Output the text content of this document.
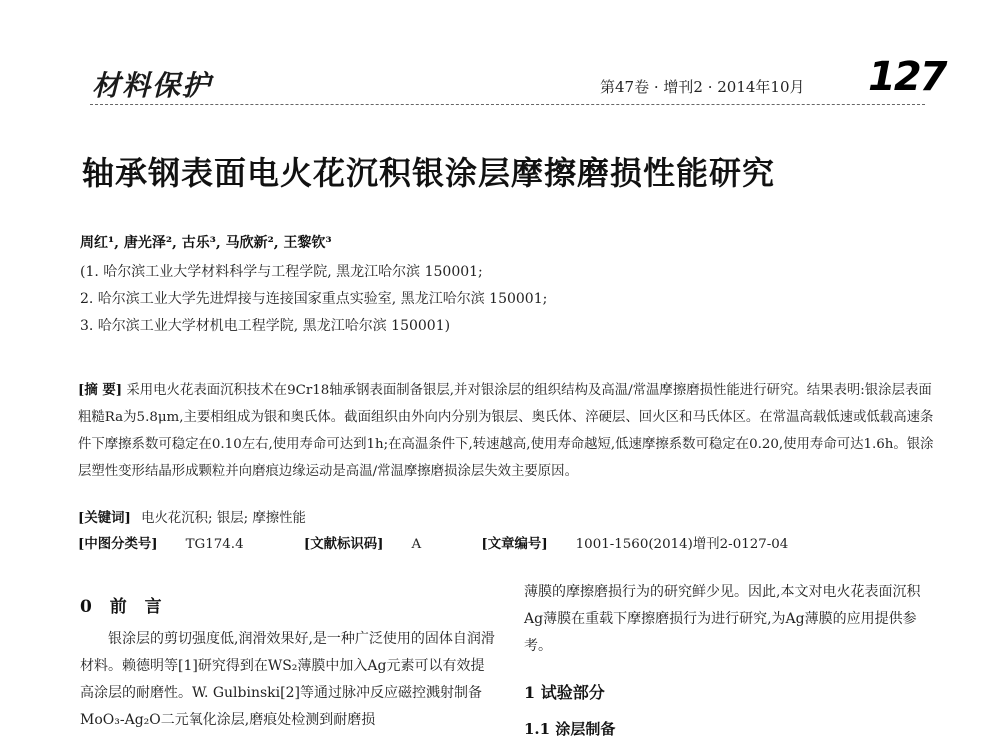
材料保护	第47卷 · 增刊2 · 2014年10月 127
轴承钢表面电火花沉积银涂层摩擦磨损性能研究
周红¹, 唐光泽², 古乐³, 马欣新², 王黎钦³
(1. 哈尔滨工业大学材料科学与工程学院, 黑龙江哈尔滨 150001;
2. 哈尔滨工业大学先进焊接与连接国家重点实验室, 黑龙江哈尔滨 150001;
3. 哈尔滨工业大学材机电工程学院, 黑龙江哈尔滨 150001)
[摘 要] 采用电火花表面沉积技术在9Cr18轴承钢表面制备银层,并对银涂层的组织结构及高温/常温摩擦磨损性能进行研究。结果表明:银涂层表面粗糙Ra为5.8μm,主要相组成为银和奥氏体。截面组织由外向内分别为银层、奥氏体、淬硬层、回火区和马氏体区。在常温高载低速或低载高速条件下摩擦系数可稳定在0.10左右,使用寿命可达到1h;在高温条件下,转速越高,使用寿命越短,低速摩擦系数可稳定在0.20,使用寿命可达1.6h。银涂层塑性变形结晶形成颗粒并向磨痕边缘运动是高温/常温摩擦磨损涂层失效主要原因。
[关键词] 电火花沉积; 银层; 摩擦性能
[中图分类号] TG174.4	[文献标识码] A	[文章编号] 1001-1560(2014)增刊2-0127-04
0 前 言
银涂层的剪切强度低,润滑效果好,是一种广泛使用的固体自润滑材料。赖德明等[1]研究得到在WS₂薄膜中加入Ag元素可以有效提高涂层的耐磨性。W. Gulbinski[2]等通过脉冲反应磁控溅射制备MoO₃-Ag₂O二元氧化涂层,磨痕处检测到耐磨损
薄膜的摩擦磨损行为的研究鲜少见。因此,本文对电火花表面沉积Ag薄膜在重载下摩擦磨损行为进行研究,为Ag薄膜的应用提供参考。
1 试验部分
1.1 涂层制备
